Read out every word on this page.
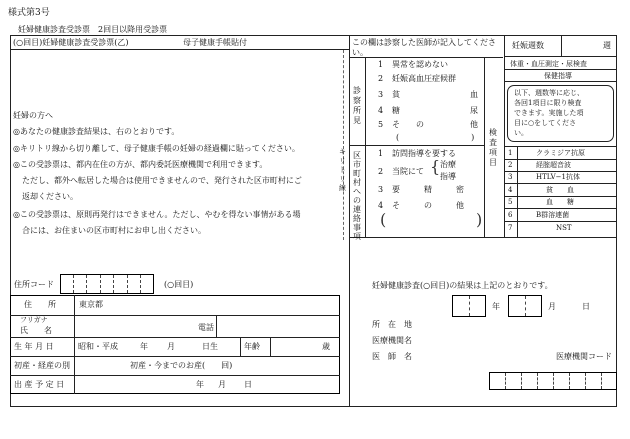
様式第3号
妊婦健康診査受診票　2回目以降用受診票
(○回目)妊婦健康診査受診票(乙)	母子健康手帳貼付
妊婦の方へ
◎あなたの健康診査結果は、右のとおりです。
◎キリトリ線から切り離して、母子健康手帳の妊婦の経過欄に貼ってください。
◎この受診票は、都内在住の方が、都内委託医療機関で利用できます。
ただし、都外へ転居した場合は使用できませんので、発行された区市町村にご
返却ください。
◎この受診票は、原則再発行はできません。ただし、やむを得ない事情がある場
合には、お住まいの区市町村にお申し出ください。
住所コード	(○回目)
住　　所	東京都
フリガナ
氏　　名	電話
生 年 月 日	昭和・平成	年 月	日生	年齢	歳
初産・経産の別	初産・今までのお産(　　回)
出 産 予 定 日	年 月 日
キリトリ線
この欄は診察した医師が記入してくださ
い。
妊娠週数	週
診察所見
1 異常を認めない
2 妊娠高血圧症候群
3 貧	血
4 糖	尿
5 そ　　の	他
(　　　　　　　　　)
区市町村への連絡事項
1 訪問指導を要する
2 当院にて { 治療
指導
3 要　　　精　　　密
4 そ　　　の　　　他
(	)
検査項目
体重・血圧測定・尿検査
保健指導
以下、週数等に応じ、
各回1項目に限り検査
できます。実施した項
目に○をしてくださ
い。
1	クラミジア抗原
2	経腟超音波
3	HTLV−1抗体
4	貧　　血
5	血　　糖
6	B群溶連菌
7	NST
妊婦健康診査(○回目)の結果は上記のとおりです。
年	月	日
所　在　地
医療機関名
医　師　名	医療機関コード
